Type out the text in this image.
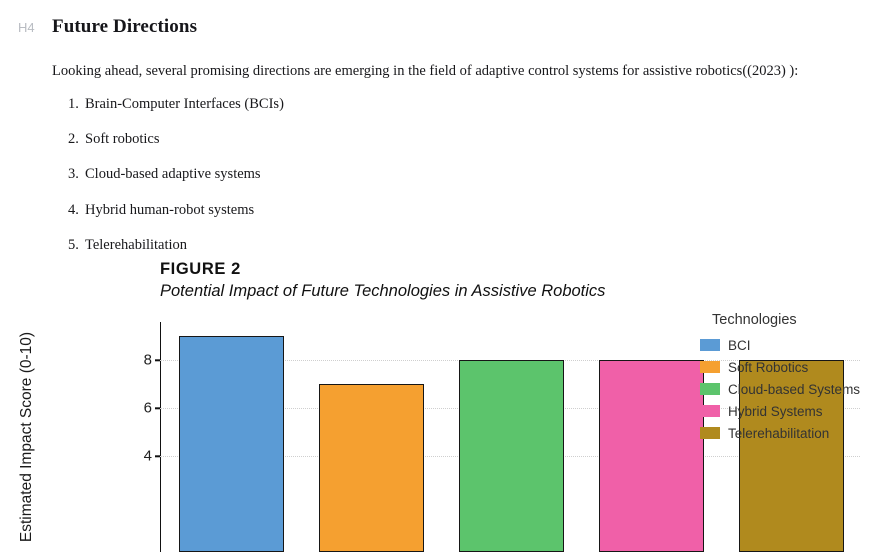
H4 Future Directions

Looking ahead, several promising directions are emerging in the field of adaptive control systems for assistive robotics((2023) ):

1. Brain-Computer Interfaces (BCIs)
2. Soft robotics
3. Cloud-based adaptive systems
4. Hybrid human-robot systems
5. Telerehabilitation
FIGURE 2
Potential Impact of Future Technologies in Assistive Robotics
Estimated Impact Score (0-10)	4
6
8
Technologies
BCI
Soft Robotics
Cloud-based Systems
Hybrid Systems
Telerehabilitation
